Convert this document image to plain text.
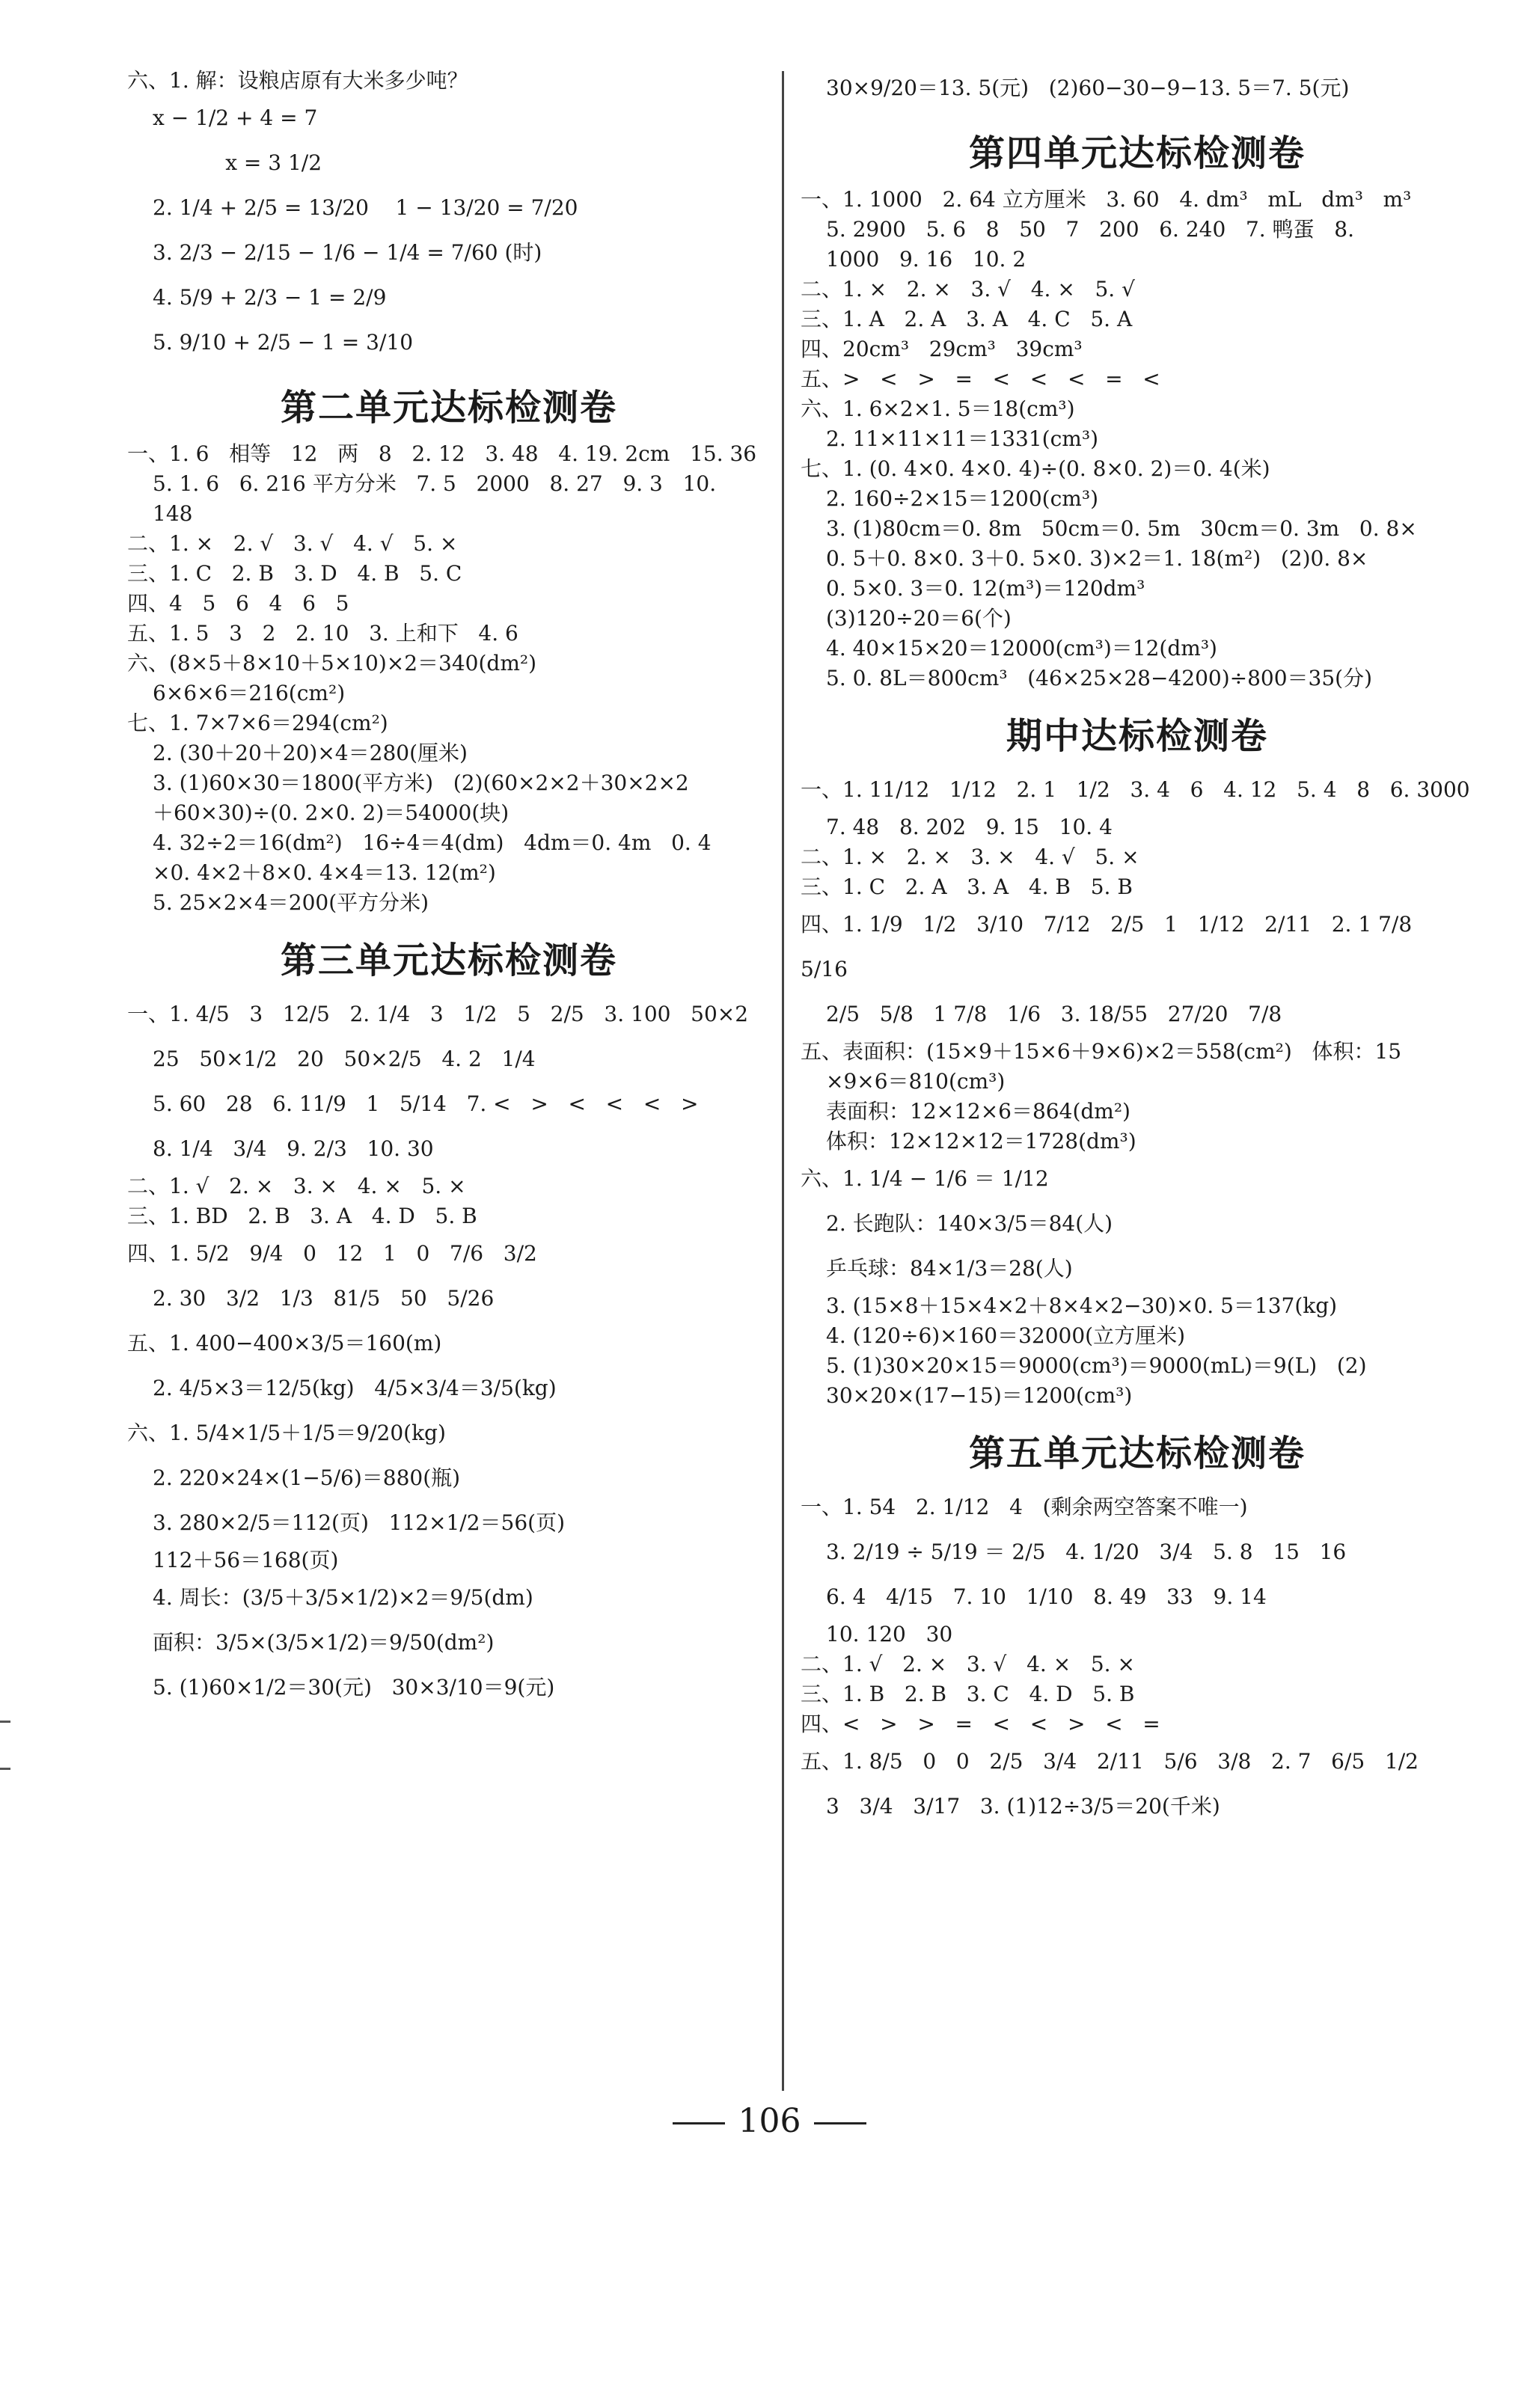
六、1. 解：设粮店原有大米多少吨？
x − 1/2 + 4 = 7
x = 3 1/2
2. 1/4 + 2/5 = 13/20    1 − 13/20 = 7/20
3. 2/3 − 2/15 − 1/6 − 1/4 = 7/60 (时)
4. 5/9 + 2/3 − 1 = 2/9
5. 9/10 + 2/5 − 1 = 3/10
第二单元达标检测卷
一、1. 6   相等   12   两   8   2. 12   3. 48   4. 19. 2cm   15. 36
5. 1. 6   6. 216 平方分米   7. 5   2000   8. 27   9. 3   10.
148
二、1. ×   2. √   3. √   4. √   5. ×
三、1. C   2. B   3. D   4. B   5. C
四、4   5   6   4   6   5
五、1. 5   3   2   2. 10   3. 上和下   4. 6
六、(8×5＋8×10＋5×10)×2＝340(dm²)
6×6×6＝216(cm²)
七、1. 7×7×6＝294(cm²)
2. (30＋20＋20)×4＝280(厘米)
3. (1)60×30＝1800(平方米)   (2)(60×2×2＋30×2×2
＋60×30)÷(0. 2×0. 2)＝54000(块)
4. 32÷2＝16(dm²)   16÷4＝4(dm)   4dm＝0. 4m   0. 4
×0. 4×2＋8×0. 4×4＝13. 12(m²)
5. 25×2×4＝200(平方分米)
第三单元达标检测卷
一、1. 4/5   3   12/5   2. 1/4   3   1/2   5   2/5   3. 100   50×2
25   50×1/2   20   50×2/5   4. 2   1/4
5. 60   28   6. 11/9   1   5/14   7. <   >   <   <   <   >
8. 1/4   3/4   9. 2/3   10. 30
二、1. √   2. ×   3. ×   4. ×   5. ×
三、1. BD   2. B   3. A   4. D   5. B
四、1. 5/2   9/4   0   12   1   0   7/6   3/2
2. 30   3/2   1/3   81/5   50   5/26
五、1. 400−400×3/5＝160(m)
2. 4/5×3＝12/5(kg)   4/5×3/4＝3/5(kg)
六、1. 5/4×1/5＋1/5＝9/20(kg)
2. 220×24×(1−5/6)＝880(瓶)
3. 280×2/5＝112(页)   112×1/2＝56(页)
112＋56＝168(页)
4. 周长：(3/5＋3/5×1/2)×2＝9/5(dm)
面积：3/5×(3/5×1/2)＝9/50(dm²)
5. (1)60×1/2＝30(元)   30×3/10＝9(元)
30×9/20＝13. 5(元)   (2)60−30−9−13. 5＝7. 5(元)
第四单元达标检测卷
一、1. 1000   2. 64 立方厘米   3. 60   4. dm³   mL   dm³   m³
5. 2900   5. 6   8   50   7   200   6. 240   7. 鸭蛋   8.
1000   9. 16   10. 2
二、1. ×   2. ×   3. √   4. ×   5. √
三、1. A   2. A   3. A   4. C   5. A
四、20cm³   29cm³   39cm³
五、>   <   >   =   <   <   <   =   <
六、1. 6×2×1. 5＝18(cm³)
2. 11×11×11＝1331(cm³)
七、1. (0. 4×0. 4×0. 4)÷(0. 8×0. 2)＝0. 4(米)
2. 160÷2×15＝1200(cm³)
3. (1)80cm＝0. 8m   50cm＝0. 5m   30cm＝0. 3m   0. 8×
0. 5＋0. 8×0. 3＋0. 5×0. 3)×2＝1. 18(m²)   (2)0. 8×
0. 5×0. 3＝0. 12(m³)＝120dm³
(3)120÷20＝6(个)
4. 40×15×20＝12000(cm³)＝12(dm³)
5. 0. 8L＝800cm³   (46×25×28−4200)÷800＝35(分)
期中达标检测卷
一、1. 11/12   1/12   2. 1   1/2   3. 4   6   4. 12   5. 4   8   6. 3000
7. 48   8. 202   9. 15   10. 4
二、1. ×   2. ×   3. ×   4. √   5. ×
三、1. C   2. A   3. A   4. B   5. B
四、1. 1/9   1/2   3/10   7/12   2/5   1   1/12   2/11   2. 1 7/8   5/16
2/5   5/8   1 7/8   1/6   3. 18/55   27/20   7/8
五、表面积：(15×9＋15×6＋9×6)×2＝558(cm²)   体积：15
×9×6＝810(cm³)
表面积：12×12×6＝864(dm²)
体积：12×12×12＝1728(dm³)
六、1. 1/4 − 1/6 ＝ 1/12
2. 长跑队：140×3/5＝84(人)
乒乓球：84×1/3＝28(人)
3. (15×8＋15×4×2＋8×4×2−30)×0. 5＝137(kg)
4. (120÷6)×160＝32000(立方厘米)
5. (1)30×20×15＝9000(cm³)＝9000(mL)＝9(L)   (2)
30×20×(17−15)＝1200(cm³)
第五单元达标检测卷
一、1. 54   2. 1/12   4   (剩余两空答案不唯一)
3. 2/19 ÷ 5/19 ＝ 2/5   4. 1/20   3/4   5. 8   15   16
6. 4   4/15   7. 10   1/10   8. 49   33   9. 14
10. 120   30
二、1. √   2. ×   3. √   4. ×   5. ×
三、1. B   2. B   3. C   4. D   5. B
四、<   >   >   =   <   <   >   <   =
五、1. 8/5   0   0   2/5   3/4   2/11   5/6   3/8   2. 7   6/5   1/2
3   3/4   3/17   3. (1)12÷3/5＝20(千米)
106
